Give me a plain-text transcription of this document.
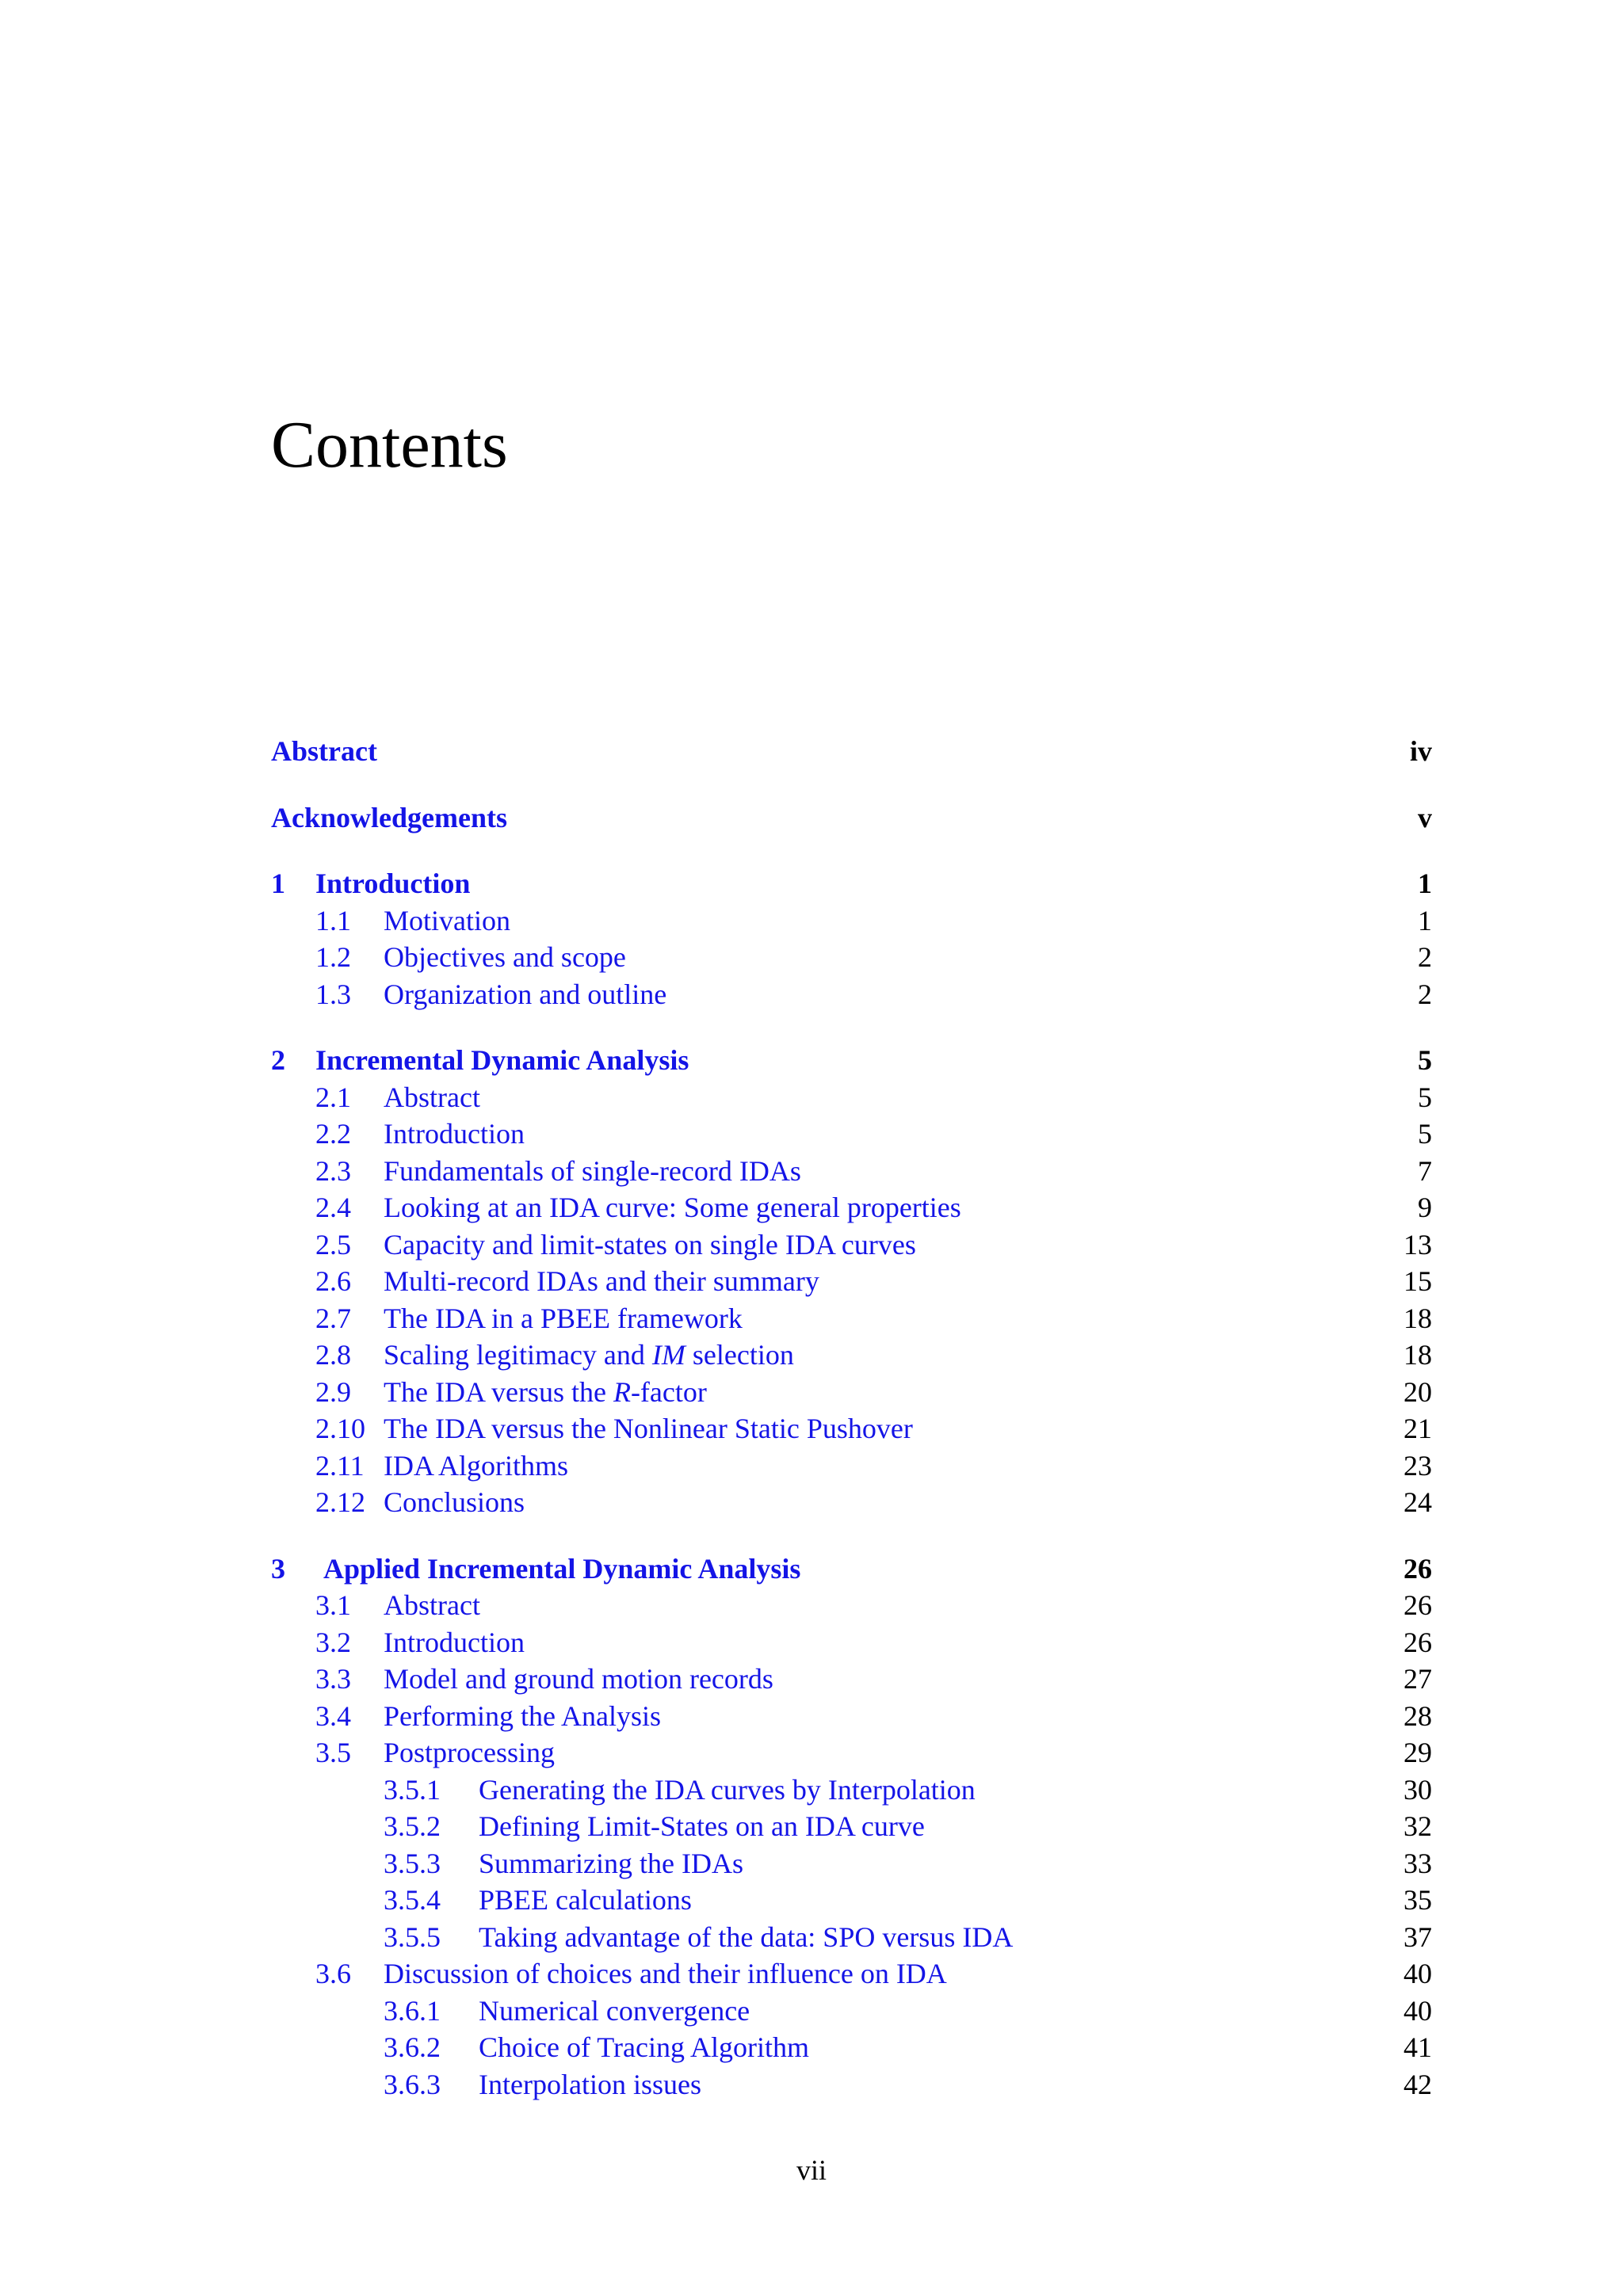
Contents
Abstract	iv
Acknowledgements	v
1 Introduction	1
1.1 Motivation	1
1.2 Objectives and scope	2
1.3 Organization and outline	2
2 Incremental Dynamic Analysis	5
2.1 Abstract	5
2.2 Introduction	5
2.3 Fundamentals of single-record IDAs	7
2.4 Looking at an IDA curve: Some general properties	9
2.5 Capacity and limit-states on single IDA curves	13
2.6 Multi-record IDAs and their summary	15
2.7 The IDA in a PBEE framework	18
2.8 Scaling legitimacy and IM selection	18
2.9 The IDA versus the R-factor	20
2.10 The IDA versus the Nonlinear Static Pushover	21
2.11 IDA Algorithms	23
2.12 Conclusions	24
3 Applied Incremental Dynamic Analysis	26
3.1 Abstract	26
3.2 Introduction	26
3.3 Model and ground motion records	27
3.4 Performing the Analysis	28
3.5 Postprocessing	29
3.5.1 Generating the IDA curves by Interpolation	30
3.5.2 Defining Limit-States on an IDA curve	32
3.5.3 Summarizing the IDAs	33
3.5.4 PBEE calculations	35
3.5.5 Taking advantage of the data: SPO versus IDA	37
3.6 Discussion of choices and their influence on IDA	40
3.6.1 Numerical convergence	40
3.6.2 Choice of Tracing Algorithm	41
3.6.3 Interpolation issues	42
vii
